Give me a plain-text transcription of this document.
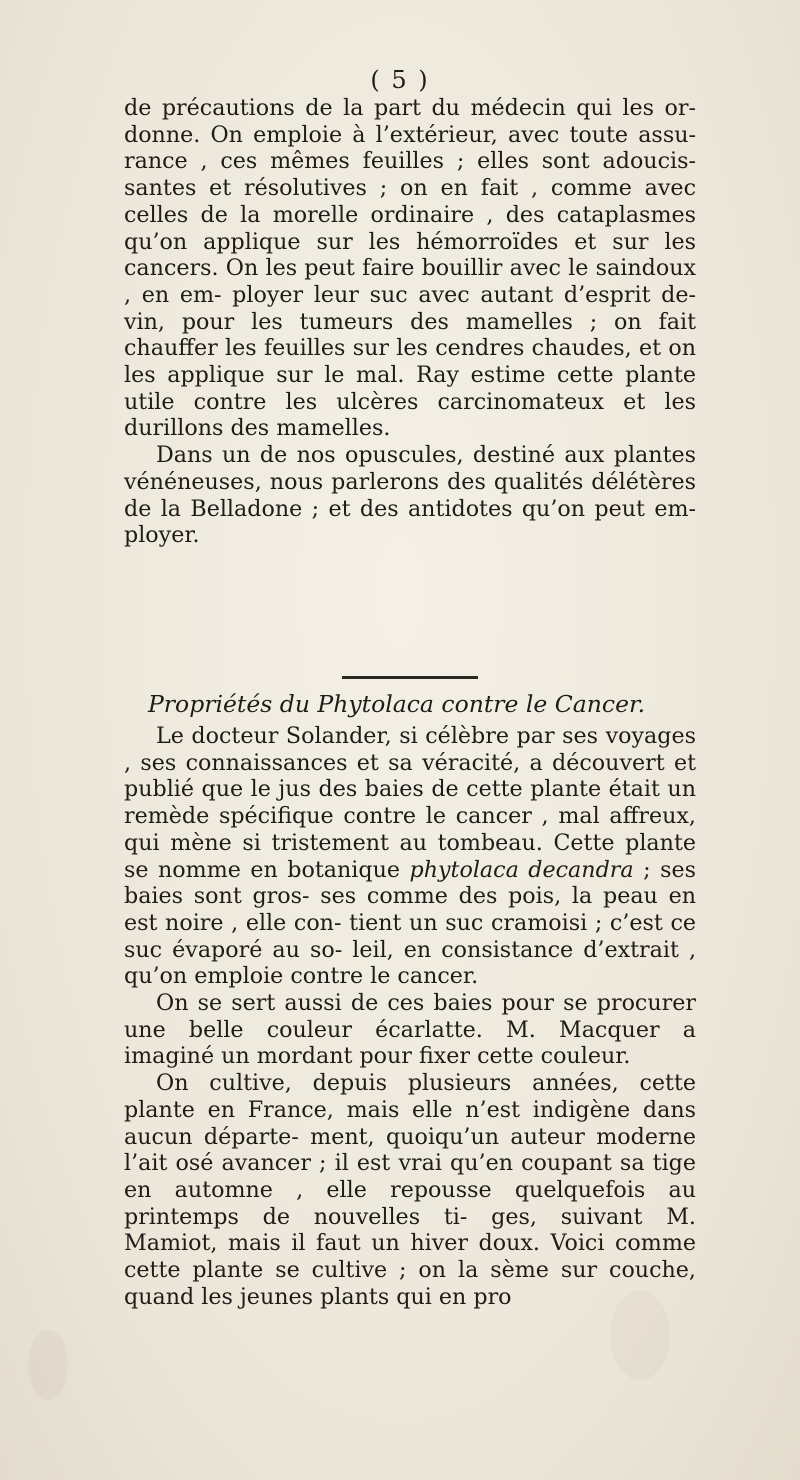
( 5 )

de précautions de la part du médecin qui les or- donne. On emploie à l’extérieur, avec toute assu- rance , ces mêmes feuilles ; elles sont adoucis- santes et résolutives ; on en fait , comme avec celles de la morelle ordinaire , des cataplasmes qu’on applique sur les hémorroïdes et sur les cancers. On les peut faire bouillir avec le saindoux , en em- ployer leur suc avec autant d’esprit de-vin, pour les tumeurs des mamelles ; on fait chauffer les feuilles sur les cendres chaudes, et on les applique sur le mal. Ray estime cette plante utile contre les ulcères carcinomateux et les durillons des mamelles.

Dans un de nos opuscules, destiné aux plantes vénéneuses, nous parlerons des qualités délétères de la Belladone ; et des antidotes qu’on peut em- ployer.

Propriétés du Phytolaca contre le Cancer.

Le docteur Solander, si célèbre par ses voyages , ses connaissances et sa véracité, a découvert et publié que le jus des baies de cette plante était un remède spécifique contre le cancer , mal affreux, qui mène si tristement au tombeau. Cette plante se nomme en botanique phytolaca decandra ; ses baies sont gros- ses comme des pois, la peau en est noire , elle con- tient un suc cramoisi ; c’est ce suc évaporé au so- leil, en consistance d’extrait , qu’on emploie contre le cancer.

On se sert aussi de ces baies pour se procurer une belle couleur écarlatte. M. Macquer a imaginé un mordant pour fixer cette couleur.

On cultive, depuis plusieurs années, cette plante en France, mais elle n’est indigène dans aucun départe- ment, quoiqu’un auteur moderne l’ait osé avancer ; il est vrai qu’en coupant sa tige en automne , elle repousse quelquefois au printemps de nouvelles ti- ges, suivant M. Mamiot, mais il faut un hiver doux. Voici comme cette plante se cultive ; on la sème sur couche, quand les jeunes plants qui en pro
